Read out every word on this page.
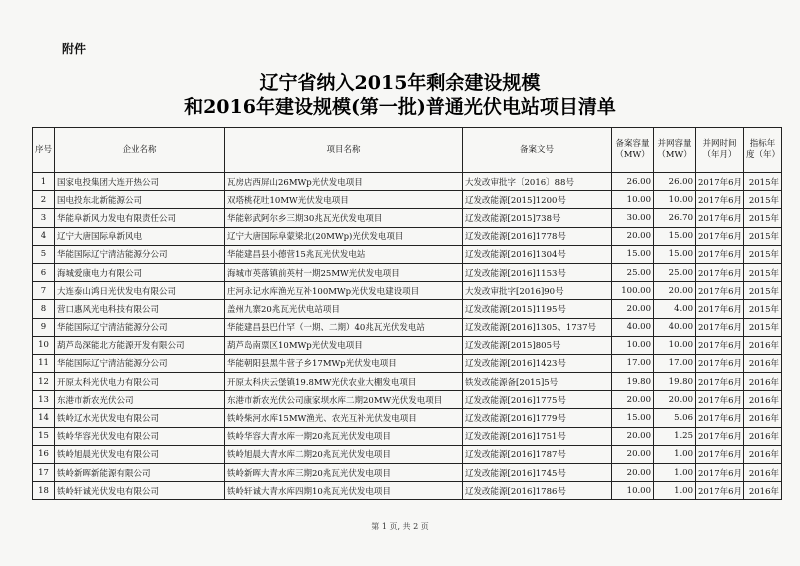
附件
辽宁省纳入2015年剩余建设规模
和2016年建设规模(第一批)普通光伏电站项目清单
序号	企业名称	项目名称	备案文号	备案容量（MW）	并网容量（MW）	并网时间（年月）	指标年度（年）
1	国家电投集团大连开热公司	瓦房店西屏山26MWp光伏发电项目	大发改审批字〔2016〕88号	26.00	26.00	2017年6月	2015年
2	国电投东北新能源公司	双塔桃花吐10MW光伏发电项目	辽发改能源[2015]1200号	10.00	10.00	2017年6月	2015年
3	华能阜新风力发电有限责任公司	华能彰武阿尔乡三期30兆瓦光伏发电项目	辽发改能源[2015]738号	30.00	26.70	2017年6月	2015年
4	辽宁大唐国际阜新风电	辽宁大唐国际阜蒙梁北(20MWp)光伏发电项目	辽发改能源[2016]1778号	20.00	15.00	2017年6月	2015年
5	华能国际辽宁清洁能源分公司	华能建昌县小德营15兆瓦光伏发电站	辽发改能源[2016]1304号	15.00	15.00	2017年6月	2015年
6	海城爱康电力有限公司	海城市英落镇前英村一期25MW光伏发电项目	辽发改能源[2016]1153号	25.00	25.00	2017年6月	2015年
7	大连泰山鸿日光伏发电有限公司	庄河永记水库渔光互补100MWp光伏发电建设项目	大发改审批字[2016]90号	100.00	20.00	2017年6月	2015年
8	营口惠风光电科技有限公司	盖州九寨20兆瓦光伏电站项目	辽发改能源[2015]1195号	20.00	4.00	2017年6月	2015年
9	华能国际辽宁清洁能源分公司	华能建昌县巴什罕（一期、二期）40兆瓦光伏发电站	辽发改能源[2016]1305、1737号	40.00	40.00	2017年6月	2015年
10	葫芦岛深能北方能源开发有限公司	葫芦岛南票区10MWp光伏发电项目	辽发改能源[2015]805号	10.00	10.00	2017年6月	2016年
11	华能国际辽宁清洁能源分公司	华能朝阳县黑牛营子乡17MWp光伏发电项目	辽发改能源[2016]1423号	17.00	17.00	2017年6月	2016年
12	开原太科光伏电力有限公司	开原太科庆云堡镇19.8MW光伏农业大棚发电项目	铁发改能源备[2015]5号	19.80	19.80	2017年6月	2016年
13	东港市新农光伏公司	东港市新农光伏公司康家坝水库二期20MW光伏发电项目	辽发改能源[2016]1775号	20.00	20.00	2017年6月	2016年
14	铁岭辽水光伏发电有限公司	铁岭柴河水库15MW渔光、农光互补光伏发电项目	辽发改能源[2016]1779号	15.00	5.06	2017年6月	2016年
15	铁岭华容光伏发电有限公司	铁岭华容大青水库一期20兆瓦光伏发电项目	辽发改能源[2016]1751号	20.00	1.25	2017年6月	2016年
16	铁岭旭晨光伏发电有限公司	铁岭旭晨大青水库二期20兆瓦光伏发电项目	辽发改能源[2016]1787号	20.00	1.00	2017年6月	2016年
17	铁岭新晖新能源有限公司	铁岭新晖大青水库三期20兆瓦光伏发电项目	辽发改能源[2016]1745号	20.00	1.00	2017年6月	2016年
18	铁岭轩诚光伏发电有限公司	铁岭轩诚大青水库四期10兆瓦光伏发电项目	辽发改能源[2016]1786号	10.00	1.00	2017年6月	2016年
第 1 页, 共 2 页
